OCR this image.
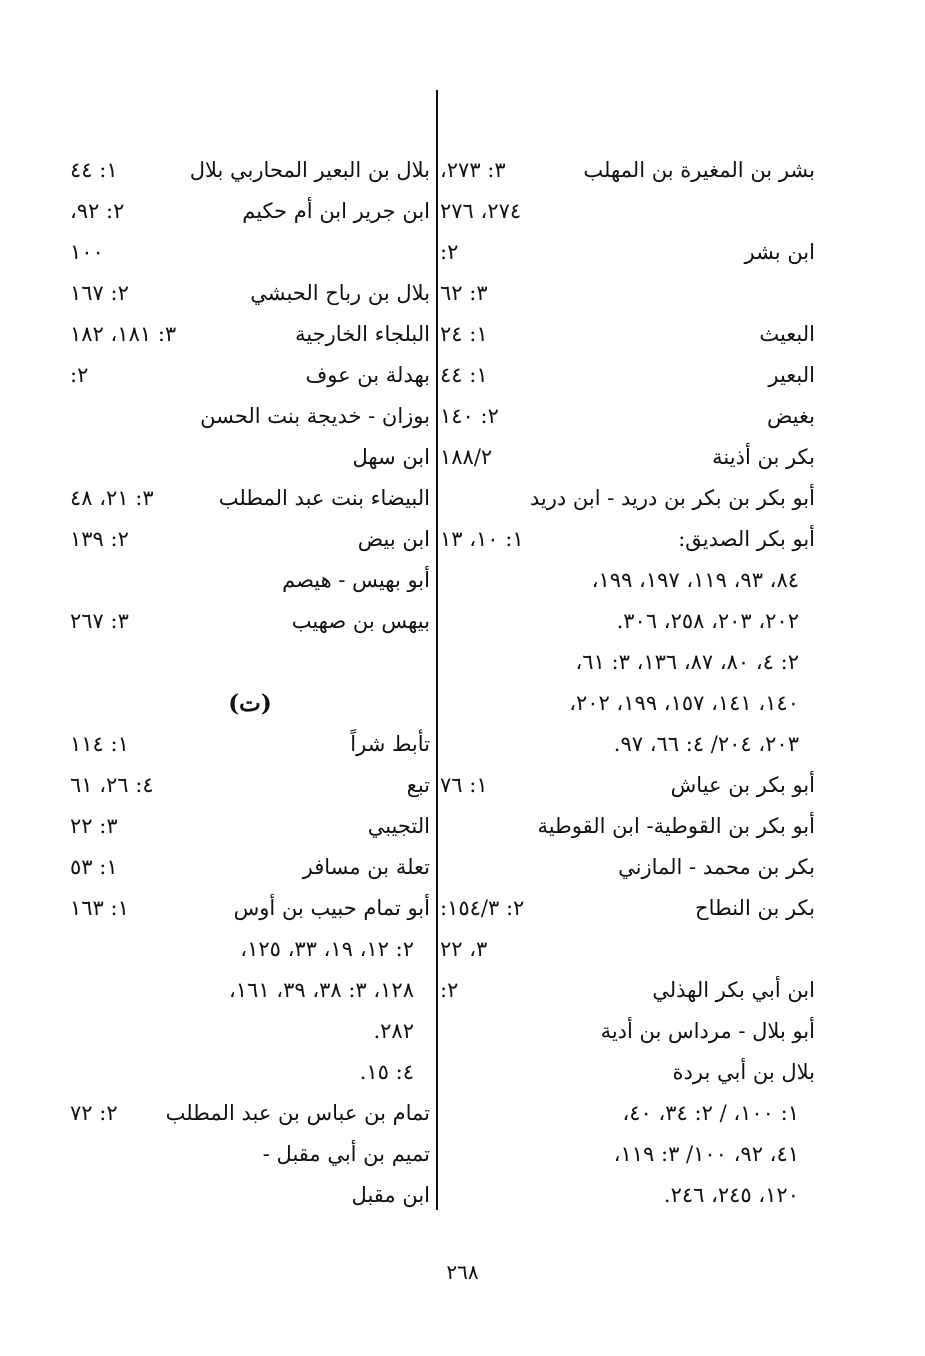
بشر بن المغيرة بن المهلب
٣: ٢٧٣،
٢٧٤، ٢٧٦
ابن بشر
٢:
٣: ٦٢
البعيث
١: ٢٤
البعير
١: ٤٤
بغيض
٢: ١٤٠
بكر بن أذينة
١٨٨/٢
أبو بكر بن بكر بن دريد - ابن دريد
أبو بكر الصديق:
١: ١٠، ١٣
٨٤، ٩٣، ١١٩، ١٩٧، ١٩٩،
٢٠٢، ٢٠٣، ٢٥٨، ٣٠٦.
٢: ٤، ٨٠، ٨٧، ١٣٦، ٣: ٦١،
١٤٠، ١٤١، ١٥٧، ١٩٩، ٢٠٢،
٢٠٣، ٢٠٤/ ٤: ٦٦، ٩٧.
أبو بكر بن عياش
١: ٧٦
أبو بكر بن القوطية- ابن القوطية
بكر بن محمد - المازني
بكر بن النطاح
٢: ١٥٤/٣:
٣، ٢٢
ابن أبي بكر الهذلي
٢:
أبو بلال - مرداس بن أدية
بلال بن أبي بردة
١: ١٠٠، / ٢: ٣٤، ٤٠،
٤١، ٩٢، ١٠٠/ ٣: ١١٩،
١٢٠، ٢٤٥، ٢٤٦.
بلال بن البعير المحاربي بلال
١: ٤٤
ابن جرير ابن أم حكيم
٢: ٩٢،
١٠٠
بلال بن رباح الحبشي
٢: ١٦٧
البلجاء الخارجية
٣: ١٨١، ١٨٢
بهدلة بن عوف
٢:
بوزان - خديجة بنت الحسن
ابن سهل
البيضاء بنت عبد المطلب
٣: ٢١، ٤٨
ابن بيض
٢: ١٣٩
أبو بهيس - هيصم
بيهس بن صهيب
٣: ٢٦٧
(ت)
تأبط شراً
١: ١١٤
تبع
٤: ٢٦، ٦١
التجيبي
٣: ٢٢
تعلة بن مسافر
١: ٥٣
أبو تمام حبيب بن أوس
١: ١٦٣
٢: ١٢، ١٩، ٣٣، ١٢٥،
١٢٨، ٣: ٣٨، ٣٩، ١٦١،
٢٨٢.
٤: ١٥.
تمام بن عباس بن عبد المطلب
٢: ٧٢
تميم بن أبي مقبل -
ابن مقبل
٢٦٨
